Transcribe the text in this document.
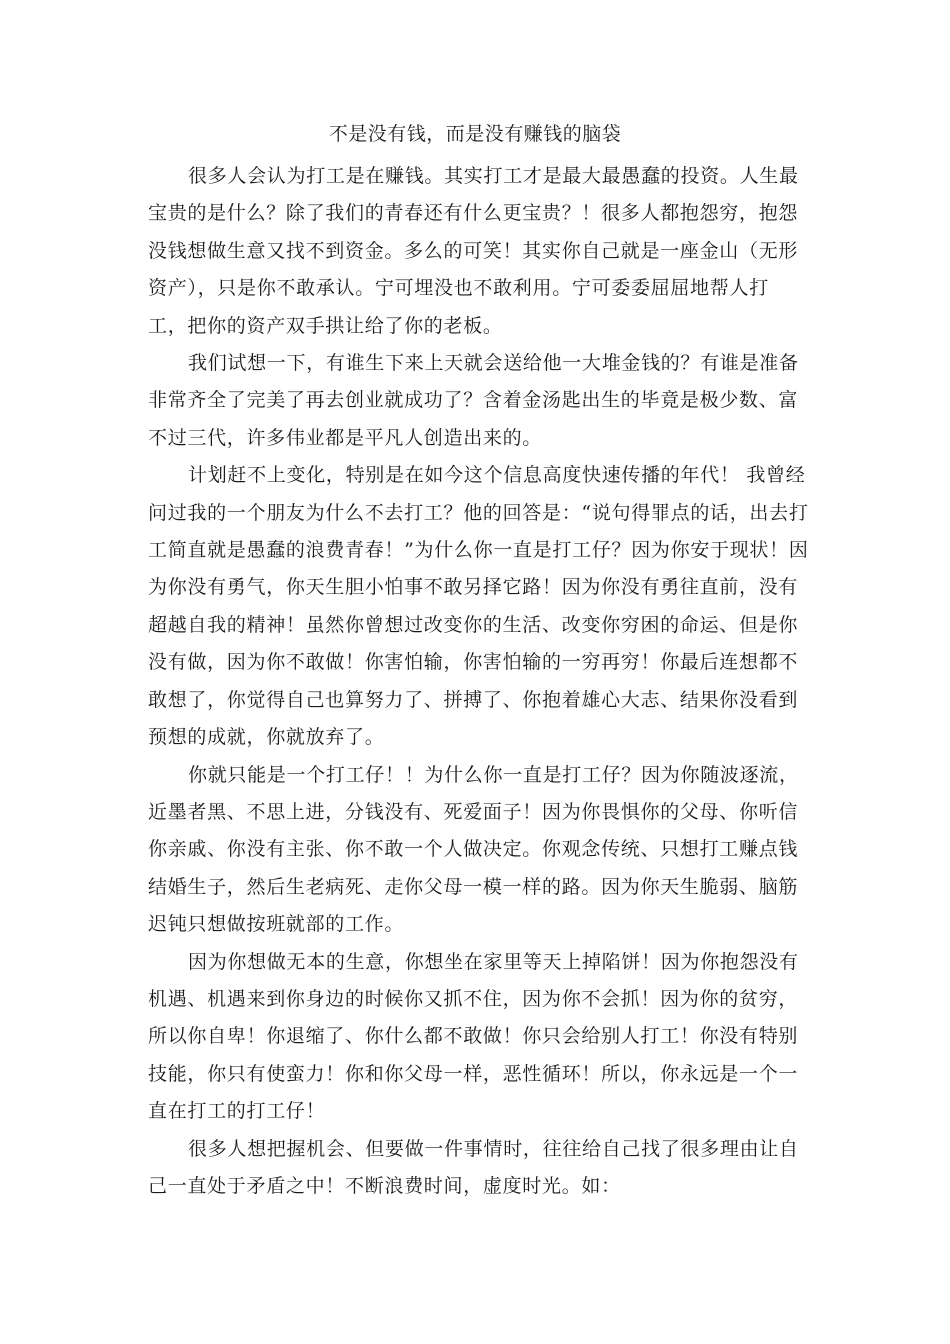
不是没有钱，而是没有赚钱的脑袋

很多人会认为打工是在赚钱。其实打工才是最大最愚蠢的投资。人生最
宝贵的是什么？除了我们的青春还有什么更宝贵？！很多人都抱怨穷，抱怨
没钱想做生意又找不到资金。多么的可笑！其实你自己就是一座金山（无形
资产），只是你不敢承认。宁可埋没也不敢利用。宁可委委屈屈地帮人打
工，把你的资产双手拱让给了你的老板。

我们试想一下，有谁生下来上天就会送给他一大堆金钱的？有谁是准备
非常齐全了完美了再去创业就成功了？含着金汤匙出生的毕竟是极少数、富
不过三代，许多伟业都是平凡人创造出来的。

计划赶不上变化，特别是在如今这个信息高度快速传播的年代！ 我曾经
问过我的一个朋友为什么不去打工？他的回答是：“说句得罪点的话，出去打
工简直就是愚蠢的浪费青春！”为什么你一直是打工仔？因为你安于现状！因
为你没有勇气，你天生胆小怕事不敢另择它路！因为你没有勇往直前，没有
超越自我的精神！虽然你曾想过改变你的生活、改变你穷困的命运、但是你
没有做，因为你不敢做！你害怕输，你害怕输的一穷再穷！你最后连想都不
敢想了，你觉得自己也算努力了、拼搏了、你抱着雄心大志、结果你没看到
预想的成就，你就放弃了。

你就只能是一个打工仔！！为什么你一直是打工仔？因为你随波逐流，
近墨者黑、不思上进，分钱没有、死爱面子！因为你畏惧你的父母、你听信
你亲戚、你没有主张、你不敢一个人做决定。你观念传统、只想打工赚点钱
结婚生子，然后生老病死、走你父母一模一样的路。因为你天生脆弱、脑筋
迟钝只想做按班就部的工作。

因为你想做无本的生意，你想坐在家里等天上掉陷饼！因为你抱怨没有
机遇、机遇来到你身边的时候你又抓不住，因为你不会抓！因为你的贫穷，
所以你自卑！你退缩了、你什么都不敢做！你只会给别人打工！你没有特别
技能，你只有使蛮力！你和你父母一样，恶性循环！所以，你永远是一个一
直在打工的打工仔！

很多人想把握机会、但要做一件事情时，往往给自己找了很多理由让自
己一直处于矛盾之中！不断浪费时间，虚度时光。如：
